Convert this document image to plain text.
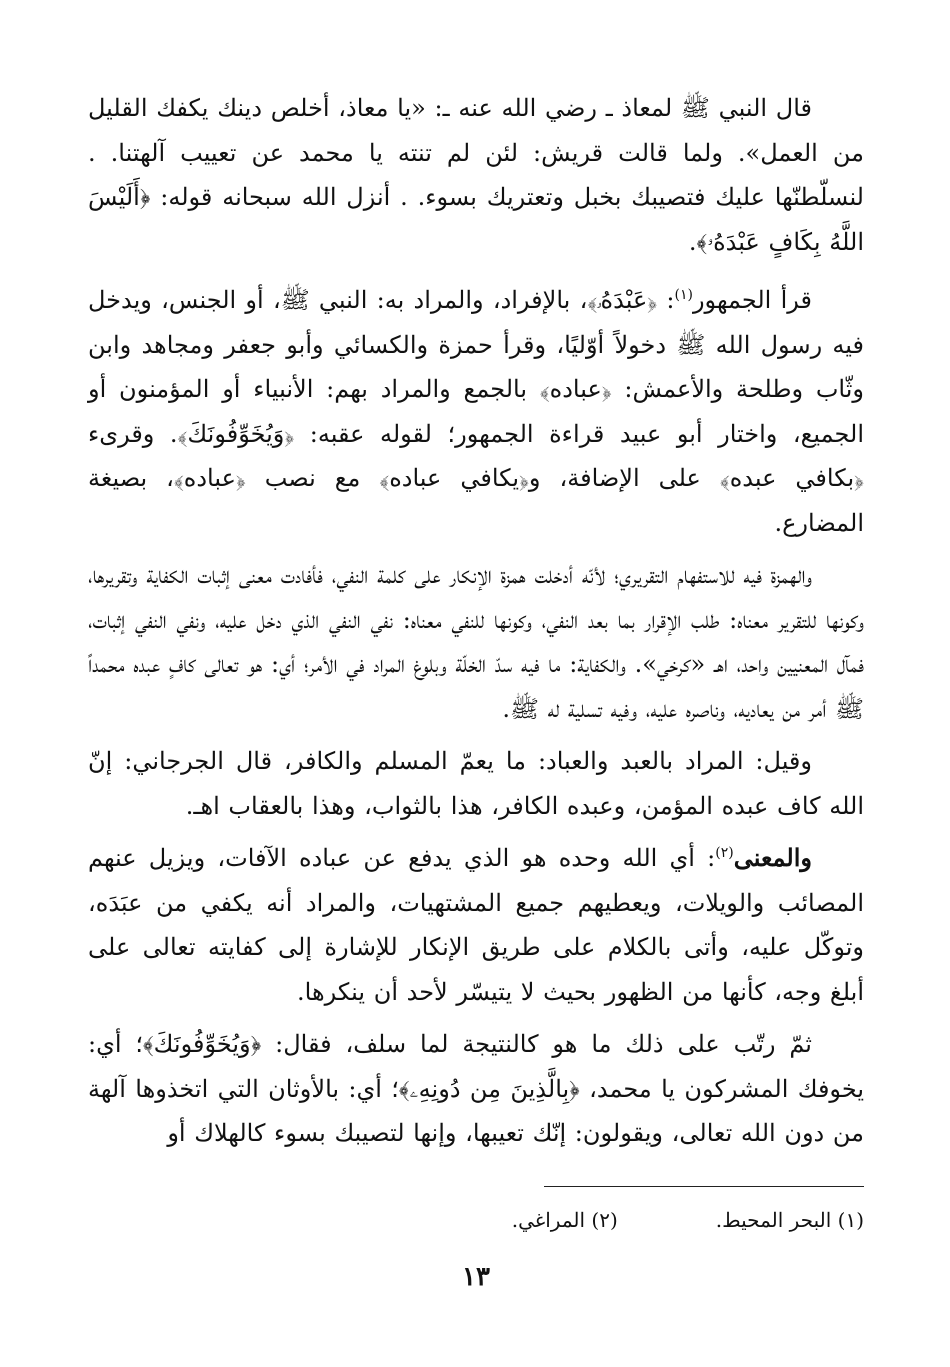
قال النبي ﷺ لمعاذ ـ رضي الله عنه ـ: «يا معاذ، أخلص دينك يكفك القليل من العمل». ولما قالت قريش: لئن لم تنته يا محمد عن تعييب آلهتنا. . لنسلّطنّها عليك فتصيبك بخبل وتعتريك بسوء. . أنزل الله سبحانه قوله: ﴿أَلَيْسَ اللَّهُ بِكَافٍ عَبْدَهُۥ﴾.

قرأ الجمهور$^{(١)}$: ﴿عَبْدَهُۥ﴾، بالإفراد، والمراد به: النبي ﷺ، أو الجنس، ويدخل فيه رسول الله ﷺ دخولاً أوّليًا، وقرأ حمزة والكسائي وأبو جعفر ومجاهد وابن وثّاب وطلحة والأعمش: ﴿عباده﴾ بالجمع والمراد بهم: الأنبياء أو المؤمنون أو الجميع، واختار أبو عبيد قراءة الجمهور؛ لقوله عقبه: ﴿وَيُخَوِّفُونَكَ﴾. وقرىء ﴿بكافي عبده﴾ على الإضافة، و﴿يكافي عباده﴾ مع نصب ﴿عباده﴾، بصيغة المضارع.

والهمزة فيه للاستفهام التقريري؛ لأنّه أدخلت همزة الإنكار على كلمة النفي، فأفادت معنى إثبات الكفاية وتقريرها، وكونها للتقرير معناه: طلب الإقرار بما بعد النفي، وكونها للنفي معناه: نفي النفي الذي دخل عليه، ونفي النفي إثبات، فمآل المعنيين واحد، اهـ «كرخي». والكفاية: ما فيه سدّ الخلّة وبلوغ المراد في الأمر؛ أي: هو تعالى كافٍ عبده محمداً ﷺ أمر من يعاديه، وناصره عليه، وفيه تسلية له ﷺ.

وقيل: المراد بالعبد والعباد: ما يعمّ المسلم والكافر، قال الجرجاني: إنّ الله كاف عبده المؤمن، وعبده الكافر، هذا بالثواب، وهذا بالعقاب اهـ.

والمعنى$^{(٢)}$: أي الله وحده هو الذي يدفع عن عباده الآفات، ويزيل عنهم المصائب والويلات، ويعطيهم جميع المشتهيات، والمراد أنه يكفي من عبَدَه، وتوكّل عليه، وأتى بالكلام على طريق الإنكار للإشارة إلى كفايته تعالى على أبلغ وجه، كأنها من الظهور بحيث لا يتيسّر لأحد أن ينكرها.

ثمّ رتّب على ذلك ما هو كالنتيجة لما سلف، فقال: ﴿وَيُخَوِّفُونَكَ﴾؛ أي: يخوفك المشركون يا محمد، ﴿بِالَّذِينَ مِن دُونِهِۦ﴾؛ أي: بالأوثان التي اتخذوها آلهة من دون الله تعالى، ويقولون: إنّك تعيبها، وإنها لتصيبك بسوء كالهلاك أو

(١) البحر المحيط.
(٢) المراغي.
١٣
